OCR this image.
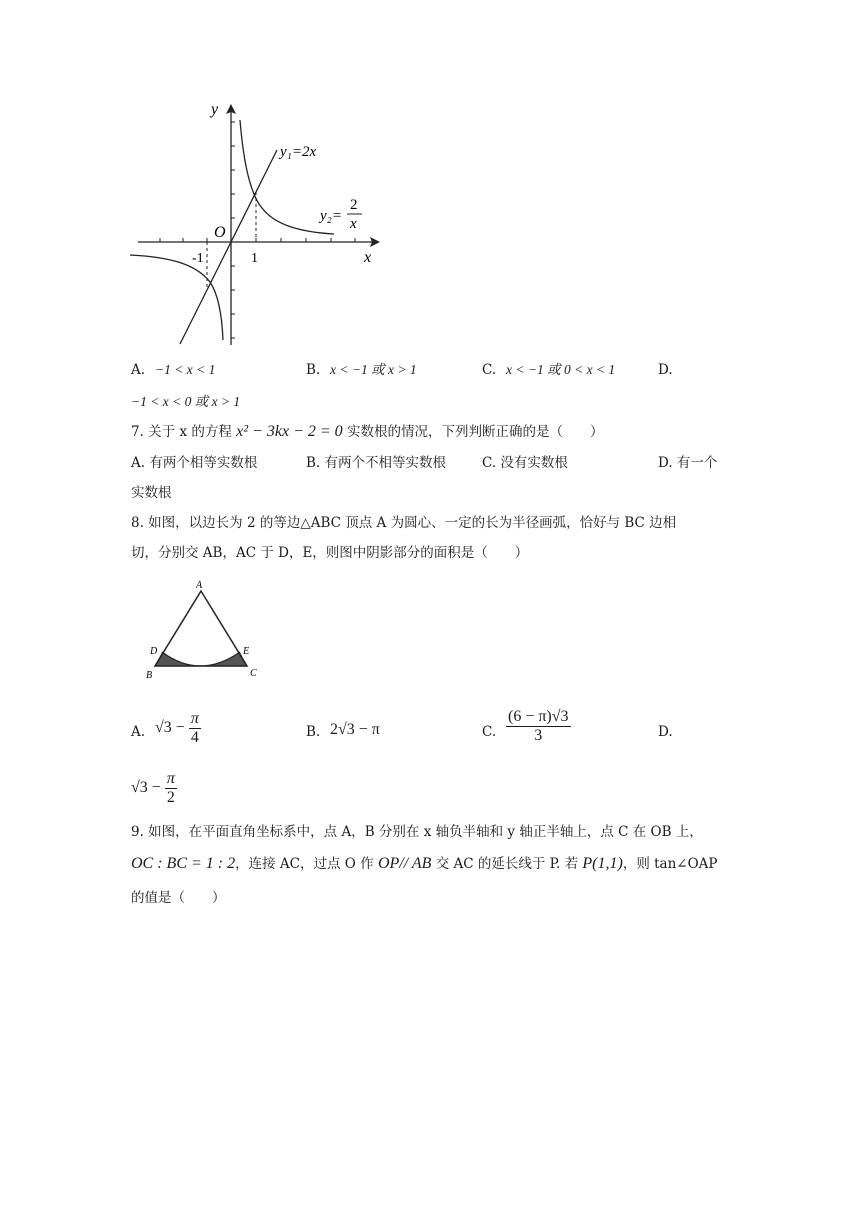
y
x
O
-1	1
y₁=2x
y₂=
2
x
A. −1 < x < 1	B. x < −1 或 x > 1	C. x < −1 或 0 < x < 1	D.
−1 < x < 0 或 x > 1
7. 关于 x 的方程 x² − 3kx − 2 = 0 实数根的情况，下列判断正确的是（　　）
A. 有两个相等实数根	B. 有两个不相等实数根	C. 没有实数根	D. 有一个
实数根
8. 如图，以边长为 2 的等边△ABC 顶点 A 为圆心、一定的长为半径画弧，恰好与 BC 边相
切，分别交 AB，AC 于 D，E，则图中阴影部分的面积是（　　）
A
D	E
B	C
A. $√3 - \frac{\pi}{4}$	B. 2√3 − π	C. $\frac{(6 - \pi)√3}{3}$	D.
$√3 - \frac{\pi}{2}$
9. 如图，在平面直角坐标系中，点 A，B 分别在 x 轴负半轴和 y 轴正半轴上，点 C 在 OB 上，
OC : BC = 1 : 2，连接 AC，过点 O 作 OP// AB 交 AC 的延长线于 P. 若 P(1,1)，则 tan∠OAP
的值是（　　）
